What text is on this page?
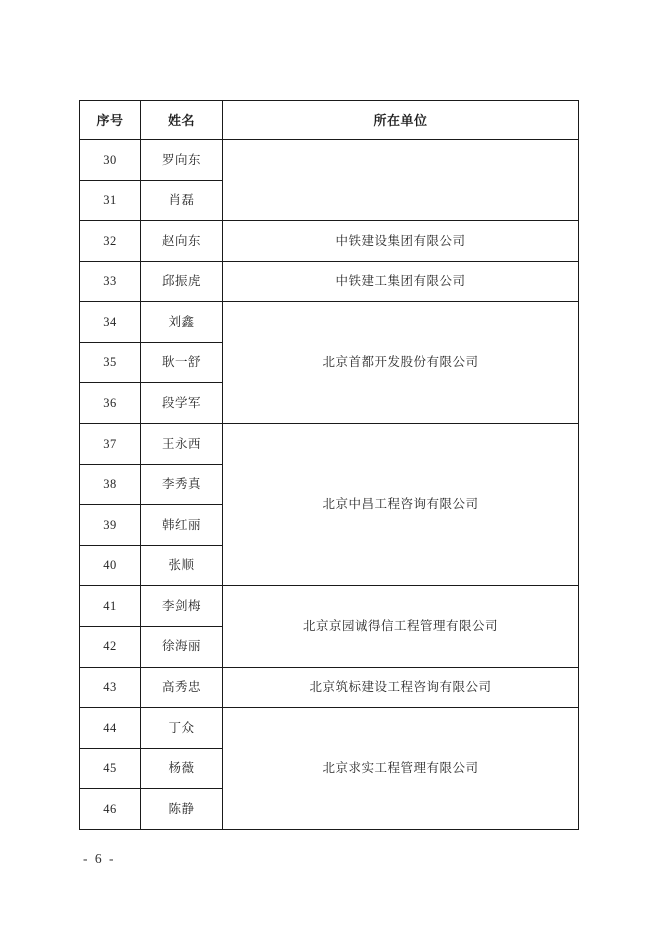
序号	姓名	所在单位
30	罗向东	
31	肖磊	
32	赵向东	中铁建设集团有限公司
33	邱振虎	中铁建工集团有限公司
34	刘鑫	北京首都开发股份有限公司
35	耿一舒	
36	段学军	
37	王永西	北京中昌工程咨询有限公司
38	李秀真	
39	韩红丽	
40	张顺	
41	李剑梅	北京京园诚得信工程管理有限公司
42	徐海丽	
43	高秀忠	北京筑标建设工程咨询有限公司
44	丁众	北京求实工程管理有限公司
45	杨薇	
46	陈静	
- 6 -
